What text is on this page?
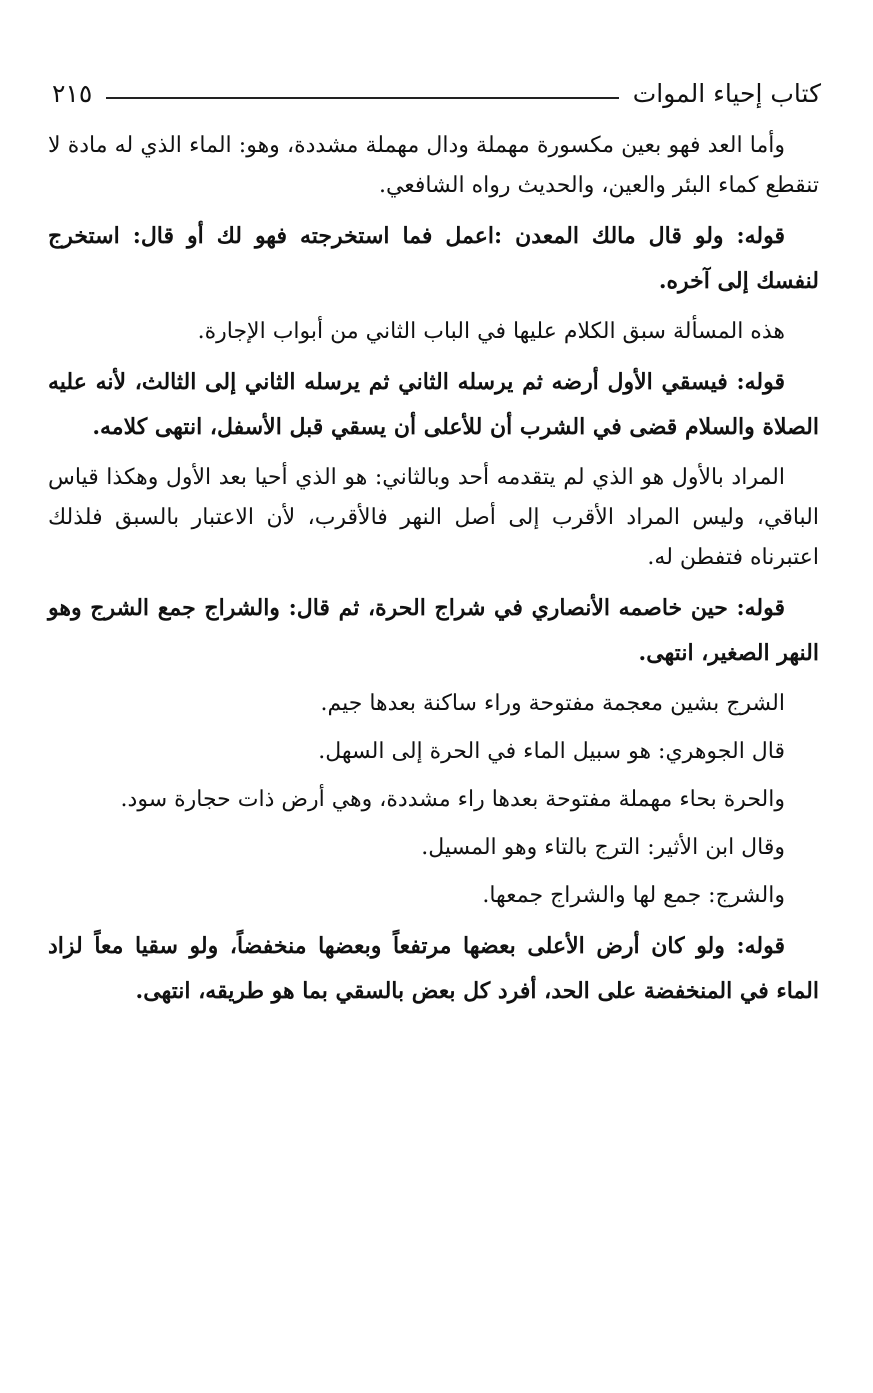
كتاب إحياء الموات
٢١٥

وأما العد فهو بعين مكسورة مهملة ودال مهملة مشددة، وهو: الماء الذي له مادة لا تنقطع كماء البئر والعين، والحديث رواه الشافعي.

قوله: ولو قال مالك المعدن :اعمل فما استخرجته فهو لك أو قال: استخرج لنفسك إلى آخره.

هذه المسألة سبق الكلام عليها في الباب الثاني من أبواب الإجارة.

قوله: فيسقي الأول أرضه ثم يرسله الثاني ثم يرسله الثاني إلى الثالث، لأنه عليه الصلاة والسلام قضى في الشرب أن للأعلى أن يسقي قبل الأسفل، انتهى كلامه.

المراد بالأول هو الذي لم يتقدمه أحد وبالثاني: هو الذي أحيا بعد الأول وهكذا قياس الباقي، وليس المراد الأقرب إلى أصل النهر فالأقرب، لأن الاعتبار بالسبق فلذلك اعتبرناه فتفطن له.

قوله: حين خاصمه الأنصاري في شراج الحرة، ثم قال: والشراج جمع الشرج وهو النهر الصغير، انتهى.

الشرج بشين معجمة مفتوحة وراء ساكنة بعدها جيم.

قال الجوهري: هو سبيل الماء في الحرة إلى السهل.

والحرة بحاء مهملة مفتوحة بعدها راء مشددة، وهي أرض ذات حجارة سود.

وقال ابن الأثير: الترج بالتاء وهو المسيل.

والشرج: جمع لها والشراج جمعها.

قوله: ولو كان أرض الأعلى بعضها مرتفعاً وبعضها منخفضاً، ولو سقيا معاً لزاد الماء في المنخفضة على الحد، أفرد كل بعض بالسقي بما هو طريقه، انتهى.
